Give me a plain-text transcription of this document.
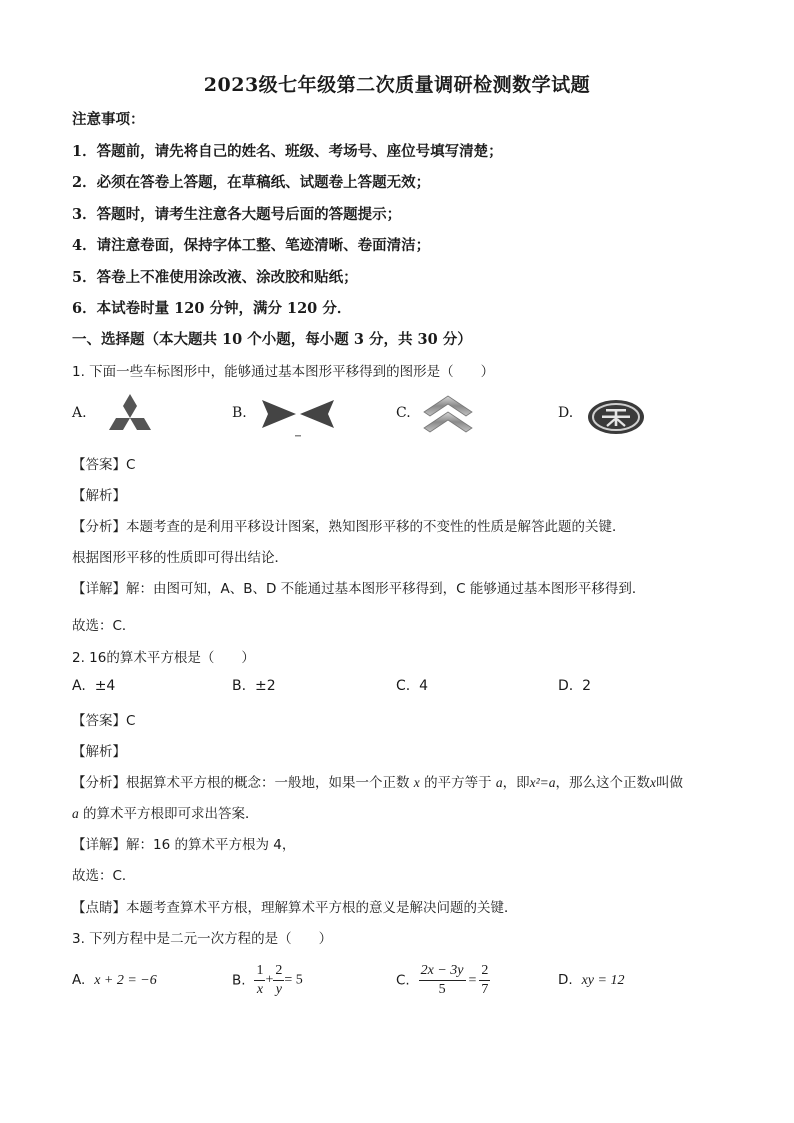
2023级七年级第二次质量调研检测数学试题
注意事项：
1．答题前，请先将自己的姓名、班级、考场号、座位号填写清楚；
2．必须在答卷上答题，在草稿纸、试题卷上答题无效；
3．答题时，请考生注意各大题号后面的答题提示；
4．请注意卷面，保持字体工整、笔迹清晰、卷面清洁；
5．答卷上不准使用涂改液、涂改胶和贴纸；
6．本试卷时量 120 分钟，满分 120 分．
一、选择题（本大题共 10 个小题，每小题 3 分，共 30 分）
1. 下面一些车标图形中，能够通过基本图形平移得到的图形是（　　）
A.	B.	C.	D.
【答案】C
【解析】
【分析】本题考查的是利用平移设计图案，熟知图形平移的不变性的性质是解答此题的关键．
根据图形平移的性质即可得出结论．
【详解】解：由图可知，A、B、D 不能通过基本图形平移得到，C 能够通过基本图形平移得到．
故选：C．
2. 16的算术平方根是（　　）
A. ±4	B. ±2	C. 4	D. 2
【答案】C
【解析】
【分析】根据算术平方根的概念：一般地，如果一个正数 x 的平方等于 a，即x²=a，那么这个正数x叫做
a 的算术平方根即可求出答案．
【详解】解：16 的算术平方根为 4，
故选：C．
【点睛】本题考查算术平方根，理解算术平方根的意义是解决问题的关键．
3. 下列方程中是二元一次方程的是（　　）
A. x + 2 = −6	B. $\frac{1}{x} + \frac{2}{y} = 5$	C. $\frac{2x - 3y}{5} = \frac{2}{7}$	D. xy = 12
